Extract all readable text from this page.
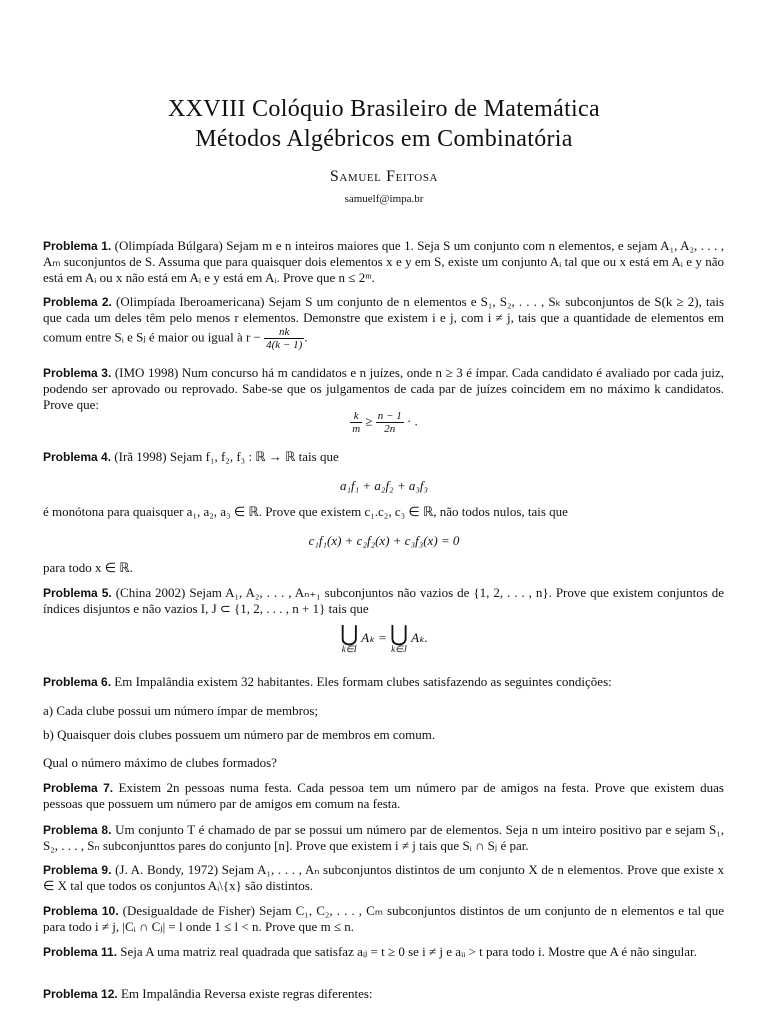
XXVIII Colóquio Brasileiro de Matemática
Métodos Algébricos em Combinatória
Samuel Feitosa
samuelf@impa.br

Problema 1. (Olimpíada Búlgara) Sejam m e n inteiros maiores que 1. Seja S um conjunto com n elementos, e sejam A₁, A₂, . . . , Aₘ suconjuntos de S. Assuma que para quaisquer dois elementos x e y em S, existe um conjunto Aᵢ tal que ou x está em Aᵢ e y não está em Aᵢ ou x não está em Aᵢ e y está em Aᵢ. Prove que n ≤ 2ᵐ.

Problema 2. (Olimpíada Iberoamericana) Sejam S um conjunto de n elementos e S₁, S₂, . . . , Sₖ subconjuntos de S(k ≥ 2), tais que cada um deles têm pelo menos r elementos. Demonstre que existem i e j, com i ≠ j, tais que a quantidade de elementos em comum entre Sᵢ e Sⱼ é maior ou igual à $r - \frac{nk}{4(k - 1)}$ .

Problema 3. (IMO 1998) Num concurso há m candidatos e n juízes, onde n ≥ 3 é ímpar. Cada candidato é avaliado por cada juiz, podendo ser aprovado ou reprovado. Sabe-se que os julgamentos de cada par de juízes coincidem em no máximo k candidatos. Prove que:

$\frac{k}{m} \ge \frac{n - 1}{2n}$ · .

Problema 4. (Irã 1998) Sejam f₁, f₂, f₃ : ℝ → ℝ tais que

a₁f₁ + a₂f₂ + a₃f₃

é monótona para quaisquer a₁, a₂, a₃ ∈ ℝ. Prove que existem c₁.c₂, c₃ ∈ ℝ, não todos nulos, tais que

c₁f₁(x) + c₂f₂(x) + c₃f₃(x) = 0

para todo x ∈ ℝ.

Problema 5. (China 2002) Sejam A₁, A₂, . . . , Aₙ₊₁ subconjuntos não vazios de {1, 2, . . . , n}. Prove que existem conjuntos de índices disjuntos e não vazios I, J ⊂ {1, 2, . . . , n + 1} tais que

⋃
k∈I
Aₖ = ⋃
k∈J
Aₖ.

Problema 6. Em Impalândia existem 32 habitantes. Eles formam clubes satisfazendo as seguintes condições:

a) Cada clube possui um número ímpar de membros;
b) Quaisquer dois clubes possuem um número par de membros em comum.
Qual o número máximo de clubes formados?

Problema 7. Existem 2n pessoas numa festa. Cada pessoa tem um número par de amigos na festa. Prove que existem duas pessoas que possuem um número par de amigos em comum na festa.

Problema 8. Um conjunto T é chamado de par se possui um número par de elementos. Seja n um inteiro positivo par e sejam S₁, S₂, . . . , Sₙ subconjunttos pares do conjunto [n]. Prove que existem i ≠ j tais que Sᵢ ∩ Sⱼ é par.

Problema 9. (J. A. Bondy, 1972) Sejam A₁, . . . , Aₙ subconjuntos distintos de um conjunto X de n elementos. Prove que existe x ∈ X tal que todos os conjuntos Aᵢ\{x} são distintos.

Problema 10. (Desigualdade de Fisher) Sejam C₁, C₂, . . . , Cₘ subconjuntos distintos de um conjunto de n elementos e tal que para todo i ≠ j, |Cᵢ ∩ Cⱼ| = l onde 1 ≤ l < n. Prove que m ≤ n.

Problema 11. Seja A uma matriz real quadrada que satisfaz aᵢⱼ = t ≥ 0 se i ≠ j e aᵢᵢ > t para todo i. Mostre que A é não singular.

Problema 12. Em Impalândia Reversa existe regras diferentes:
